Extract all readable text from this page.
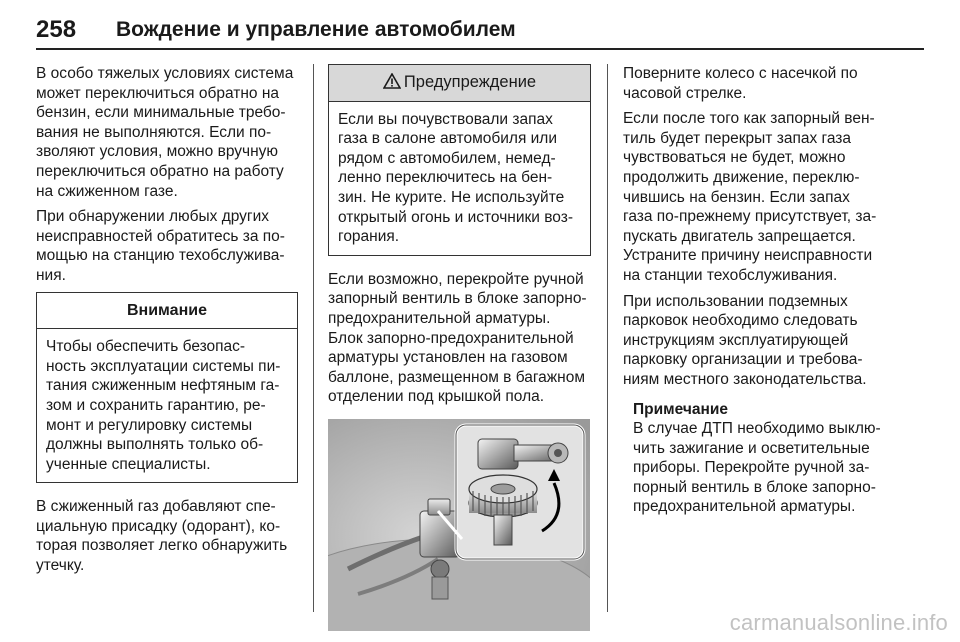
258 Вождение и управление автомобилем

В особо тяжелых условиях система
может переключиться обратно на
бензин, если минимальные требо-
вания не выполняются. Если по-
зволяют условия, можно вручную
переключиться обратно на работу
на сжиженном газе.

При обнаружении любых других
неисправностей обратитесь за по-
мощью на станцию техобслужива-
ния.

Внимание
Чтобы обеспечить безопас-
ность эксплуатации системы пи-
тания сжиженным нефтяным га-
зом и сохранить гарантию, ре-
монт и регулировку системы
должны выполнять только об-
ученные специалисты.

В сжиженный газ добавляют спе-
циальную присадку (одорант), ко-
торая позволяет легко обнаружить
утечку.

Предупреждение
Если вы почувствовали запах
газа в салоне автомобиля или
рядом с автомобилем, немед-
ленно переключитесь на бен-
зин. Не курите. Не используйте
открытый огонь и источники воз-
горания.

Если возможно, перекройте ручной
запорный вентиль в блоке запорно-
предохранительной арматуры.
Блок запорно-предохранительной
арматуры установлен на газовом
баллоне, размещенном в багажном
отделении под крышкой пола.

Поверните колесо с насечкой по
часовой стрелке.

Если после того как запорный вен-
тиль будет перекрыт запах газа
чувствоваться не будет, можно
продолжить движение, переклю-
чившись на бензин. Если запах
газа по-прежнему присутствует, за-
пускать двигатель запрещается.
Устраните причину неисправности
на станции техобслуживания.

При использовании подземных
парковок необходимо следовать
инструкциям эксплуатирующей
парковку организации и требова-
ниям местного законодательства.

Примечание
В случае ДТП необходимо выклю-
чить зажигание и осветительные
приборы. Перекройте ручной за-
порный вентиль в блоке запорно-
предохранительной арматуры.
carmanualsonline.info
